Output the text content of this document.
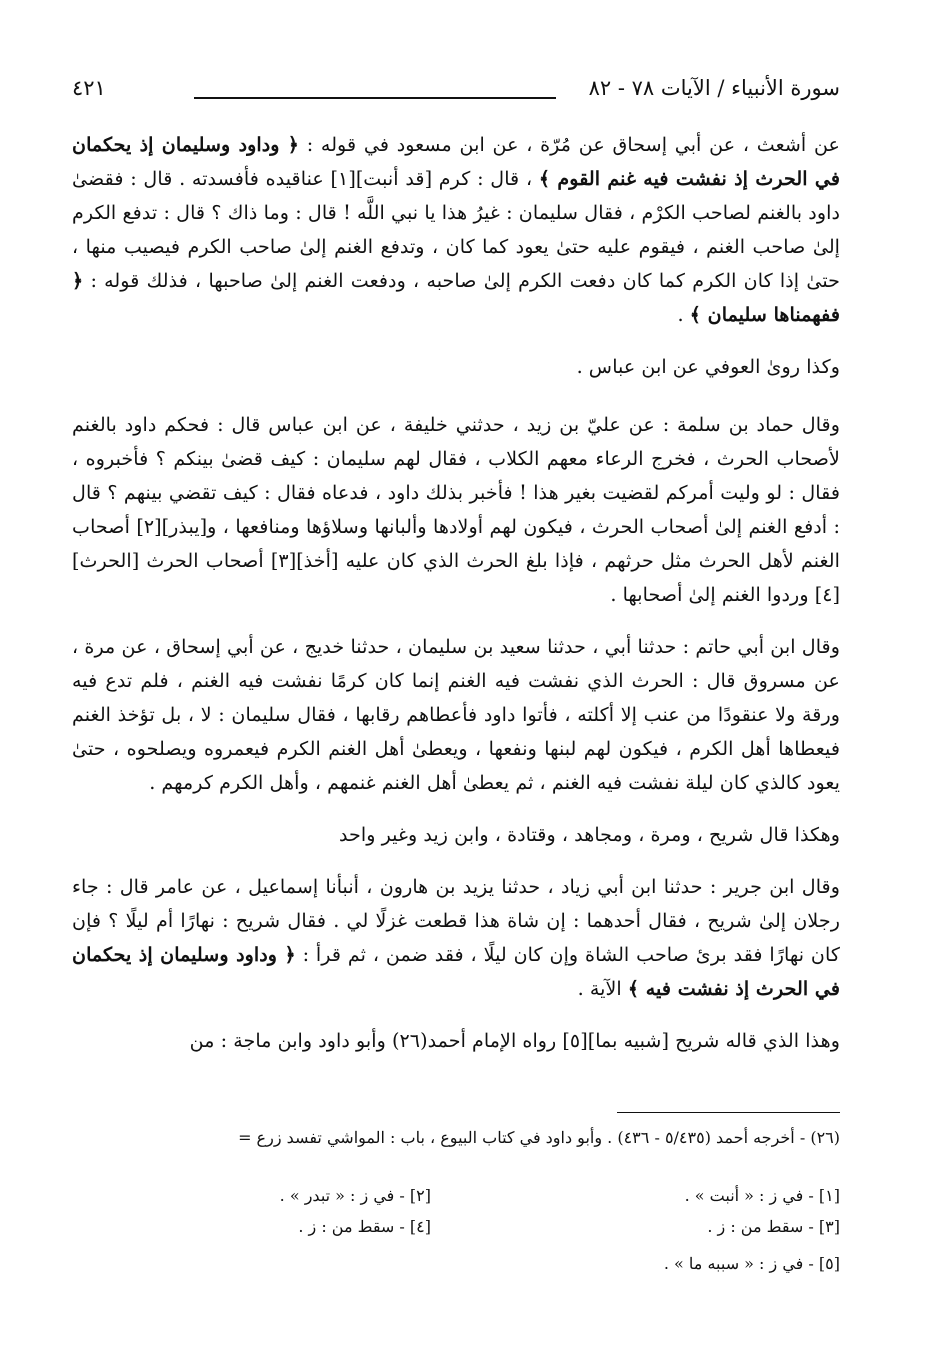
سورة الأنبياء / الآيات ٧٨ - ٨٢
٤٢١

عن أشعث ، عن أبي إسحاق عن مُرّة ، عن ابن مسعود في قوله : ﴿ وداود وسليمان إذ يحكمان في الحرث إذ نفشت فيه غنم القوم ﴾ ، قال : كرم [قد أنبت][١] عناقيده فأفسدته . قال : فقضىٰ داود بالغنم لصاحب الكرْم ، فقال سليمان : غيرُ هذا يا نبي اللَّه ! قال : وما ذاك ؟ قال : تدفع الكرم إلىٰ صاحب الغنم ، فيقوم عليه حتىٰ يعود كما كان ، وتدفع الغنم إلىٰ صاحب الكرم فيصيب منها ، حتىٰ إذا كان الكرم كما كان دفعت الكرم إلىٰ صاحبه ، ودفعت الغنم إلىٰ صاحبها ، فذلك قوله : ﴿ ففهمناها سليمان ﴾ .

وكذا روىٰ العوفي عن ابن عباس .

وقال حماد بن سلمة : عن عليّ بن زيد ، حدثني خليفة ، عن ابن عباس قال : فحكم داود بالغنم لأصحاب الحرث ، فخرج الرعاء معهم الكلاب ، فقال لهم سليمان : كيف قضىٰ بينكم ؟ فأخبروه ، فقال : لو وليت أمركم لقضيت بغير هذا ! فأخبر بذلك داود ، فدعاه فقال : كيف تقضي بينهم ؟ قال : أدفع الغنم إلىٰ أصحاب الحرث ، فيكون لهم أولادها وألبانها وسلاؤها ومنافعها ، و[يبذر][٢] أصحاب الغنم لأهل الحرث مثل حرثهم ، فإذا بلغ الحرث الذي كان عليه [أخذ][٣] أصحاب الحرث [الحرث][٤] وردوا الغنم إلىٰ أصحابها .

وقال ابن أبي حاتم : حدثنا أبي ، حدثنا سعيد بن سليمان ، حدثنا خديج ، عن أبي إسحاق ، عن مرة ، عن مسروق قال : الحرث الذي نفشت فيه الغنم إنما كان كرمًا نفشت فيه الغنم ، فلم تدع فيه ورقة ولا عنقودًا من عنب إلا أكلته ، فأتوا داود فأعطاهم رقابها ، فقال سليمان : لا ، بل تؤخذ الغنم فيعطاها أهل الكرم ، فيكون لهم لبنها ونفعها ، ويعطىٰ أهل الغنم الكرم فيعمروه ويصلحوه ، حتىٰ يعود كالذي كان ليلة نفشت فيه الغنم ، ثم يعطىٰ أهل الغنم غنمهم ، وأهل الكرم كرمهم .

وهكذا قال شريح ، ومرة ، ومجاهد ، وقتادة ، وابن زيد وغير واحد

وقال ابن جرير : حدثنا ابن أبي زياد ، حدثنا يزيد بن هارون ، أنبأنا إسماعيل ، عن عامر قال : جاء رجلان إلىٰ شريح ، فقال أحدهما : إن شاة هذا قطعت غزلًا لي . فقال شريح : نهارًا أم ليلًا ؟ فإن كان نهارًا فقد برئ صاحب الشاة وإن كان ليلًا ، فقد ضمن ، ثم قرأ : ﴿ وداود وسليمان إذ يحكمان في الحرث إذ نفشت فيه ﴾ الآية .

وهذا الذي قاله شريح [شبيه بما][٥] رواه الإمام أحمد(٢٦) وأبو داود وابن ماجة : من

(٢٦) - أخرجه أحمد (٥/٤٣٥ - ٤٣٦) . وأبو داود في كتاب البيوع ، باب : المواشي تفسد زرع =
[١] - في ز : « أنبت » .
[٢] - في ز : « تبدر » .
[٣] - سقط من : ز .
[٤] - سقط من : ز .
[٥] - في ز : « سببه ما » .
